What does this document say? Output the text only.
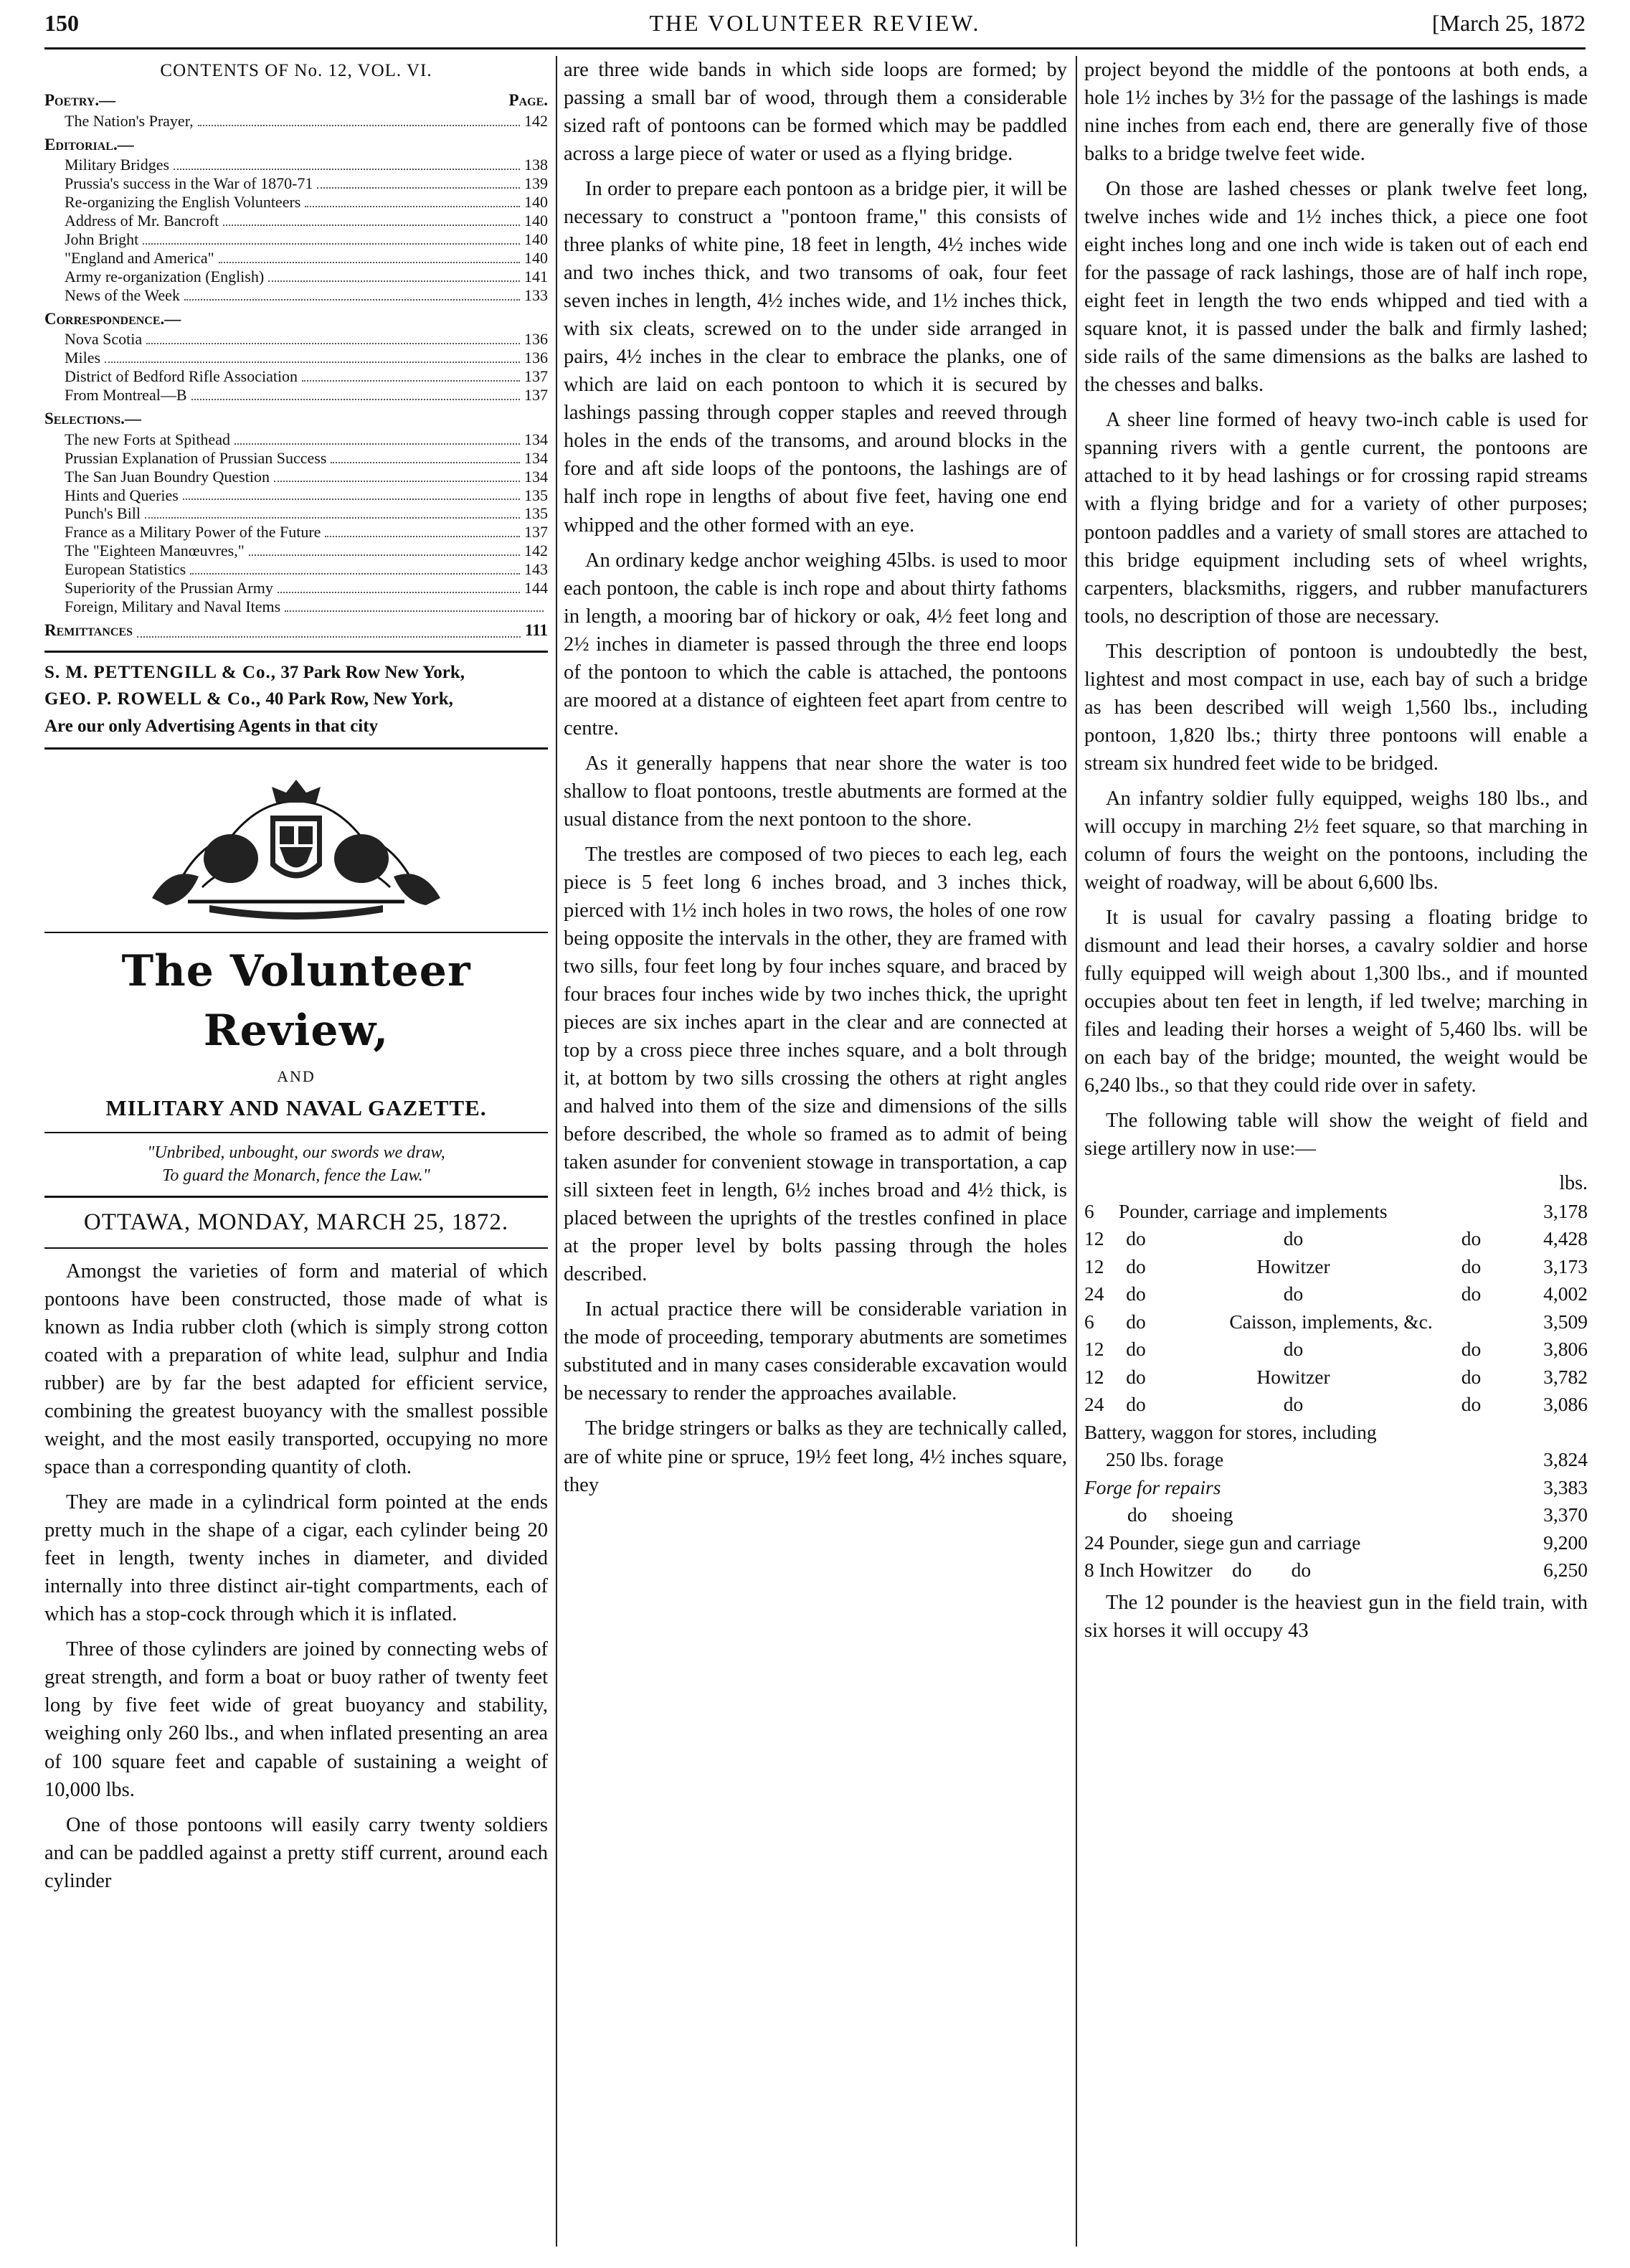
150	THE VOLUNTEER REVIEW.	[March 25, 1872
CONTENTS OF No. 12, VOL. VI.
Poetry.—	Page.
The Nation's Prayer,	142
Editorial.—
Military Bridges	138
Prussia's success in the War of 1870-71	139
Re-organizing the English Volunteers	140
Address of Mr. Bancroft	140
John Bright	140
"England and America"	140
Army re-organization (English)	141
News of the Week	133
Correspondence.—
Nova Scotia	136
Miles	136
District of Bedford Rifle Association	137
From Montreal—B	137
Selections.—
The new Forts at Spithead	134
Prussian Explanation of Prussian Success	134
The San Juan Boundry Question	134
Hints and Queries	135
Punch's Bill	135
France as a Military Power of the Future	137
The "Eighteen Manœuvres,"	142
European Statistics	143
Superiority of the Prussian Army	144
Foreign, Military and Naval Items
Remittances	111
S. M. PETTENGILL & Co., 37 Park Row New York,
GEO. P. ROWELL & Co., 40 Park Row, New York,
Are our only Advertising Agents in that city
The Volunteer Review,
AND
MILITARY AND NAVAL GAZETTE.
"Unbribed, unbought, our swords we draw,
To guard the Monarch, fence the Law."
OTTAWA, MONDAY, MARCH 25, 1872.

Amongst the varieties of form and material of which pontoons have been constructed, those made of what is known as India rubber cloth (which is simply strong cotton coated with a preparation of white lead, sulphur and India rubber) are by far the best adapted for efficient service, combining the greatest buoyancy with the smallest possible weight, and the most easily transported, occupying no more space than a corresponding quantity of cloth.

They are made in a cylindrical form pointed at the ends pretty much in the shape of a cigar, each cylinder being 20 feet in length, twenty inches in diameter, and divided internally into three distinct air-tight compartments, each of which has a stop-cock through which it is inflated.

Three of those cylinders are joined by connecting webs of great strength, and form a boat or buoy rather of twenty feet long by five feet wide of great buoyancy and stability, weighing only 260 lbs., and when inflated presenting an area of 100 square feet and capable of sustaining a weight of 10,000 lbs.

One of those pontoons will easily carry twenty soldiers and can be paddled against a pretty stiff current, around each cylinder

are three wide bands in which side loops are formed; by passing a small bar of wood, through them a considerable sized raft of pontoons can be formed which may be paddled across a large piece of water or used as a flying bridge.

In order to prepare each pontoon as a bridge pier, it will be necessary to construct a "pontoon frame," this consists of three planks of white pine, 18 feet in length, 4½ inches wide and two inches thick, and two transoms of oak, four feet seven inches in length, 4½ inches wide, and 1½ inches thick, with six cleats, screwed on to the under side arranged in pairs, 4½ inches in the clear to embrace the planks, one of which are laid on each pontoon to which it is secured by lashings passing through copper staples and reeved through holes in the ends of the transoms, and around blocks in the fore and aft side loops of the pontoons, the lashings are of half inch rope in lengths of about five feet, having one end whipped and the other formed with an eye.

An ordinary kedge anchor weighing 45lbs. is used to moor each pontoon, the cable is inch rope and about thirty fathoms in length, a mooring bar of hickory or oak, 4½ feet long and 2½ inches in diameter is passed through the three end loops of the pontoon to which the cable is attached, the pontoons are moored at a distance of eighteen feet apart from centre to centre.

As it generally happens that near shore the water is too shallow to float pontoons, trestle abutments are formed at the usual distance from the next pontoon to the shore.

The trestles are composed of two pieces to each leg, each piece is 5 feet long 6 inches broad, and 3 inches thick, pierced with 1½ inch holes in two rows, the holes of one row being opposite the intervals in the other, they are framed with two sills, four feet long by four inches square, and braced by four braces four inches wide by two inches thick, the upright pieces are six inches apart in the clear and are connected at top by a cross piece three inches square, and a bolt through it, at bottom by two sills crossing the others at right angles and halved into them of the size and dimensions of the sills before described, the whole so framed as to admit of being taken asunder for convenient stowage in transportation, a cap sill sixteen feet in length, 6½ inches broad and 4½ thick, is placed between the uprights of the trestles confined in place at the proper level by bolts passing through the holes described.

In actual practice there will be considerable variation in the mode of proceeding, temporary abutments are sometimes substituted and in many cases considerable excavation would be necessary to render the approaches available.

The bridge stringers or balks as they are technically called, are of white pine or spruce, 19½ feet long, 4½ inches square, they

project beyond the middle of the pontoons at both ends, a hole 1½ inches by 3½ for the passage of the lashings is made nine inches from each end, there are generally five of those balks to a bridge twelve feet wide.

On those are lashed chesses or plank twelve feet long, twelve inches wide and 1½ inches thick, a piece one foot eight inches long and one inch wide is taken out of each end for the passage of rack lashings, those are of half inch rope, eight feet in length the two ends whipped and tied with a square knot, it is passed under the balk and firmly lashed; side rails of the same dimensions as the balks are lashed to the chesses and balks.

A sheer line formed of heavy two-inch cable is used for spanning rivers with a gentle current, the pontoons are attached to it by head lashings or for crossing rapid streams with a flying bridge and for a variety of other purposes; pontoon paddles and a variety of small stores are attached to this bridge equipment including sets of wheel wrights, carpenters, blacksmiths, riggers, and rubber manufacturers tools, no description of those are necessary.

This description of pontoon is undoubtedly the best, lightest and most compact in use, each bay of such a bridge as has been described will weigh 1,560 lbs., including pontoon, 1,820 lbs.; thirty three pontoons will enable a stream six hundred feet wide to be bridged.

An infantry soldier fully equipped, weighs 180 lbs., and will occupy in marching 2½ feet square, so that marching in column of fours the weight on the pontoons, including the weight of roadway, will be about 6,600 lbs.

It is usual for cavalry passing a floating bridge to dismount and lead their horses, a cavalry soldier and horse fully equipped will weigh about 1,300 lbs., and if mounted occupies about ten feet in length, if led twelve; marching in files and leading their horses a weight of 5,460 lbs. will be on each bay of the bridge; mounted, the weight would be 6,240 lbs., so that they could ride over in safety.

The following table will show the weight of field and siege artillery now in use:—

lbs.
6	Pounder, carriage and implements			3,178
12	do	do	do	4,428
12	do	Howitzer	do	3,173
24	do	do	do	4,002
6	do	Caisson, implements, &c.		3,509
12	do	do	do	3,806
12	do	Howitzer	do	3,782
24	do	do	do	3,086
Battery, waggon for stores, including				
250 lbs. forage				3,824
Forge for repairs				3,383
do     shoeing				3,370
24 Pounder, siege gun and carriage				9,200
8 Inch Howitzer    do        do				6,250

The 12 pounder is the heaviest gun in the field train, with six horses it will occupy 43
